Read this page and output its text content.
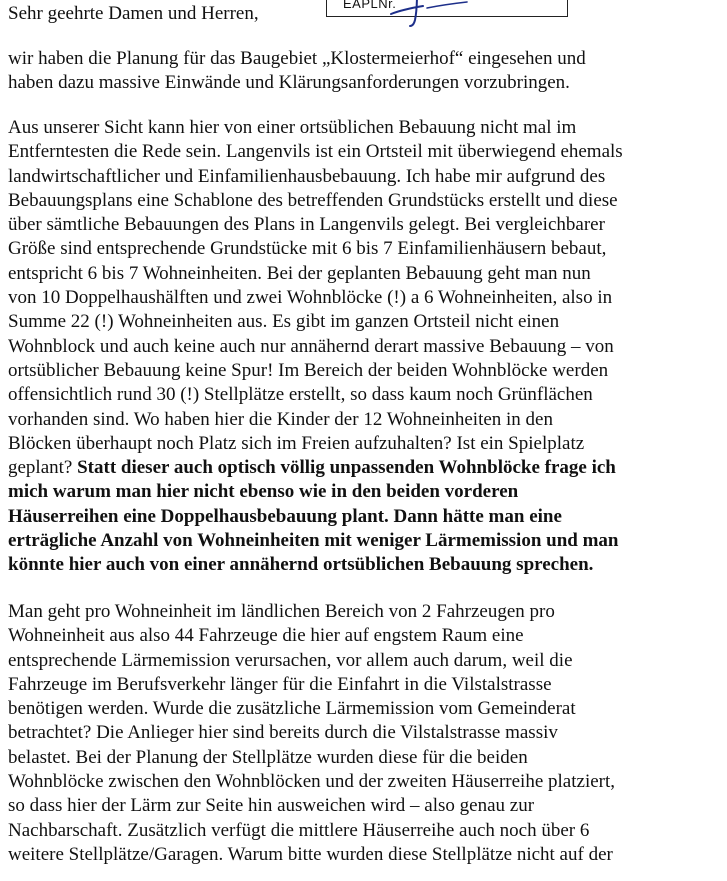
Sehr geehrte Damen und Herren,	EAPLNr.
wir haben die Planung für das Baugebiet „Klostermeierhof“ eingesehen und
haben dazu massive Einwände und Klärungsanforderungen vorzubringen.
Aus unserer Sicht kann hier von einer ortsüblichen Bebauung nicht mal im
Entferntesten die Rede sein. Langenvils ist ein Ortsteil mit überwiegend ehemals
landwirtschaftlicher und Einfamilienhausbebauung. Ich habe mir aufgrund des
Bebauungsplans eine Schablone des betreffenden Grundstücks erstellt und diese
über sämtliche Bebauungen des Plans in Langenvils gelegt. Bei vergleichbarer
Größe sind entsprechende Grundstücke mit 6 bis 7 Einfamilienhäusern bebaut,
entspricht 6 bis 7 Wohneinheiten. Bei der geplanten Bebauung geht man nun
von 10 Doppelhaushälften und zwei Wohnblöcke (!) a 6 Wohneinheiten, also in
Summe 22 (!) Wohneinheiten aus. Es gibt im ganzen Ortsteil nicht einen
Wohnblock und auch keine auch nur annähernd derart massive Bebauung – von
ortsüblicher Bebauung keine Spur! Im Bereich der beiden Wohnblöcke werden
offensichtlich rund 30 (!) Stellplätze erstellt, so dass kaum noch Grünflächen
vorhanden sind. Wo haben hier die Kinder der 12 Wohneinheiten in den
Blöcken überhaupt noch Platz sich im Freien aufzuhalten? Ist ein Spielplatz
geplant? Statt dieser auch optisch völlig unpassenden Wohnblöcke frage ich
mich warum man hier nicht ebenso wie in den beiden vorderen
Häuserreihen eine Doppelhausbebauung plant. Dann hätte man eine
erträgliche Anzahl von Wohneinheiten mit weniger Lärmemission und man
könnte hier auch von einer annähernd ortsüblichen Bebauung sprechen.
Man geht pro Wohneinheit im ländlichen Bereich von 2 Fahrzeugen pro
Wohneinheit aus also 44 Fahrzeuge die hier auf engstem Raum eine
entsprechende Lärmemission verursachen, vor allem auch darum, weil die
Fahrzeuge im Berufsverkehr länger für die Einfahrt in die Vilstalstrasse
benötigen werden. Wurde die zusätzliche Lärmemission vom Gemeinderat
betrachtet? Die Anlieger hier sind bereits durch die Vilstalstrasse massiv
belastet. Bei der Planung der Stellplätze wurden diese für die beiden
Wohnblöcke zwischen den Wohnblöcken und der zweiten Häuserreihe platziert,
so dass hier der Lärm zur Seite hin ausweichen wird – also genau zur
Nachbarschaft. Zusätzlich verfügt die mittlere Häuserreihe auch noch über 6
weitere Stellplätze/Garagen. Warum bitte wurden diese Stellplätze nicht auf der
